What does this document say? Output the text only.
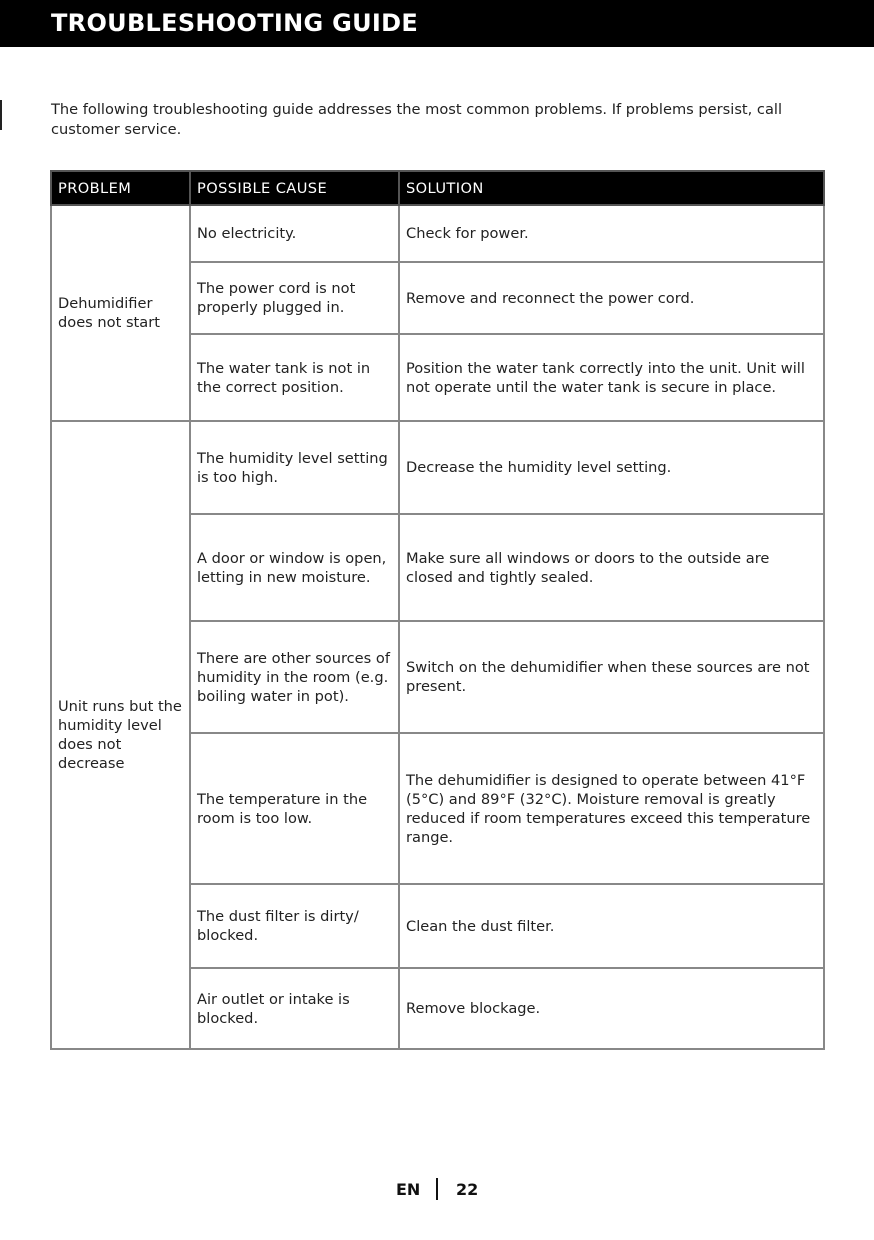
TROUBLESHOOTING GUIDE
The following troubleshooting guide addresses the most common problems. If problems persist, call customer service.
PROBLEM	POSSIBLE CAUSE	SOLUTION
Dehumidifier does not start	No electricity.	Check for power.
	The power cord is not properly plugged in.	Remove and reconnect the power cord.
	The water tank is not in the correct position.	Position the water tank correctly into the unit. Unit will not operate until the water tank is secure in place.
Unit runs but the humidity level does not decrease	The humidity level setting is too high.	Decrease the humidity level setting.
	A door or window is open, letting in new moisture.	Make sure all windows or doors to the outside are closed and tightly sealed.
	There are other sources of humidity in the room (e.g. boiling water in pot).	Switch on the dehumidifier when these sources are not present.
	The temperature in the room is too low.	The dehumidifier is designed to operate between 41°F (5°C) and 89°F (32°C). Moisture removal is greatly reduced if room temperatures exceed this temperature range.
	The dust filter is dirty/ blocked.	Clean the dust filter.
	Air outlet or intake is blocked.	Remove blockage.
EN 22
